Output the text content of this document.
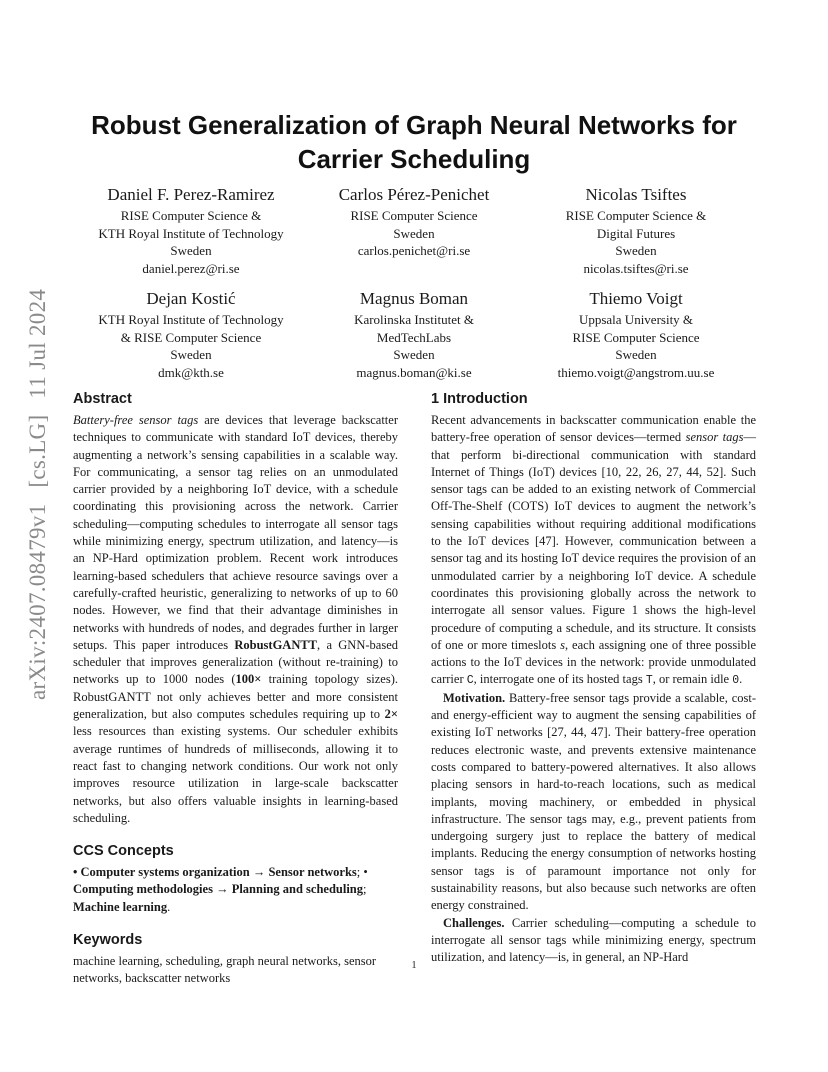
Robust Generalization of Graph Neural Networks for
Carrier Scheduling
arXiv:2407.08479v1[cs.LG]11 Jul 2024
Daniel F. Perez-Ramirez
RISE Computer Science &
KTH Royal Institute of Technology
Sweden
daniel.perez@ri.se
Carlos Pérez-Penichet
RISE Computer Science
Sweden
carlos.penichet@ri.se
Nicolas Tsiftes
RISE Computer Science &
Digital Futures
Sweden
nicolas.tsiftes@ri.se
Dejan Kostić
KTH Royal Institute of Technology
& RISE Computer Science
Sweden
dmk@kth.se
Magnus Boman
Karolinska Institutet &
MedTechLabs
Sweden
magnus.boman@ki.se
Thiemo Voigt
Uppsala University &
RISE Computer Science
Sweden
thiemo.voigt@angstrom.uu.se
Abstract

Battery-free sensor tags are devices that leverage backscatter techniques to communicate with standard IoT devices, thereby augmenting a network’s sensing capabilities in a scalable way. For communicating, a sensor tag relies on an unmodulated carrier provided by a neighboring IoT device, with a schedule coordinating this provisioning across the network. Carrier scheduling—computing schedules to interrogate all sensor tags while minimizing energy, spectrum utilization, and latency—is an NP-Hard optimization problem. Recent work introduces learning-based schedulers that achieve resource savings over a carefully-crafted heuristic, generalizing to networks of up to 60 nodes. However, we find that their advantage diminishes in networks with hundreds of nodes, and degrades further in larger setups. This paper introduces RobustGANTT, a GNN-based scheduler that improves generalization (without re-training) to networks up to 1000 nodes (100× training topology sizes). RobustGANTT not only achieves better and more consistent generalization, but also computes schedules requiring up to 2× less resources than existing systems. Our scheduler exhibits average runtimes of hundreds of milliseconds, allowing it to react fast to changing network conditions. Our work not only improves resource utilization in large-scale backscatter networks, but also offers valuable insights in learning-based scheduling.

CCS Concepts

• Computer systems organization → Sensor networks; • Computing methodologies → Planning and scheduling; Machine learning.

Keywords

machine learning, scheduling, graph neural networks, sensor networks, backscatter networks

1 Introduction

Recent advancements in backscatter communication enable the battery-free operation of sensor devices—termed sensor tags—that perform bi-directional communication with standard Internet of Things (IoT) devices [10, 22, 26, 27, 44, 52]. Such sensor tags can be added to an existing network of Commercial Off-The-Shelf (COTS) IoT devices to augment the network’s sensing capabilities without requiring additional modifications to the IoT devices [47]. However, communication between a sensor tag and its hosting IoT device requires the provision of an unmodulated carrier by a neighboring IoT device. A schedule coordinates this provisioning globally across the network to interrogate all sensor values. Figure 1 shows the high-level procedure of computing a schedule, and its structure. It consists of one or more timeslots s, each assigning one of three possible actions to the IoT devices in the network: provide unmodulated carrier C, interrogate one of its hosted tags T, or remain idle 0.

Motivation. Battery-free sensor tags provide a scalable, cost- and energy-efficient way to augment the sensing capabilities of existing IoT networks [27, 44, 47]. Their battery-free operation reduces electronic waste, and prevents extensive maintenance costs compared to battery-powered alternatives. It also allows placing sensors in hard-to-reach locations, such as medical implants, moving machinery, or embedded in physical infrastructure. The sensor tags may, e.g., prevent patients from undergoing surgery just to replace the battery of medical implants. Reducing the energy consumption of networks hosting sensor tags is of paramount importance not only for sustainability reasons, but also because such networks are often energy constrained.

Challenges. Carrier scheduling—computing a schedule to interrogate all sensor tags while minimizing energy, spectrum utilization, and latency—is, in general, an NP-Hard

1
